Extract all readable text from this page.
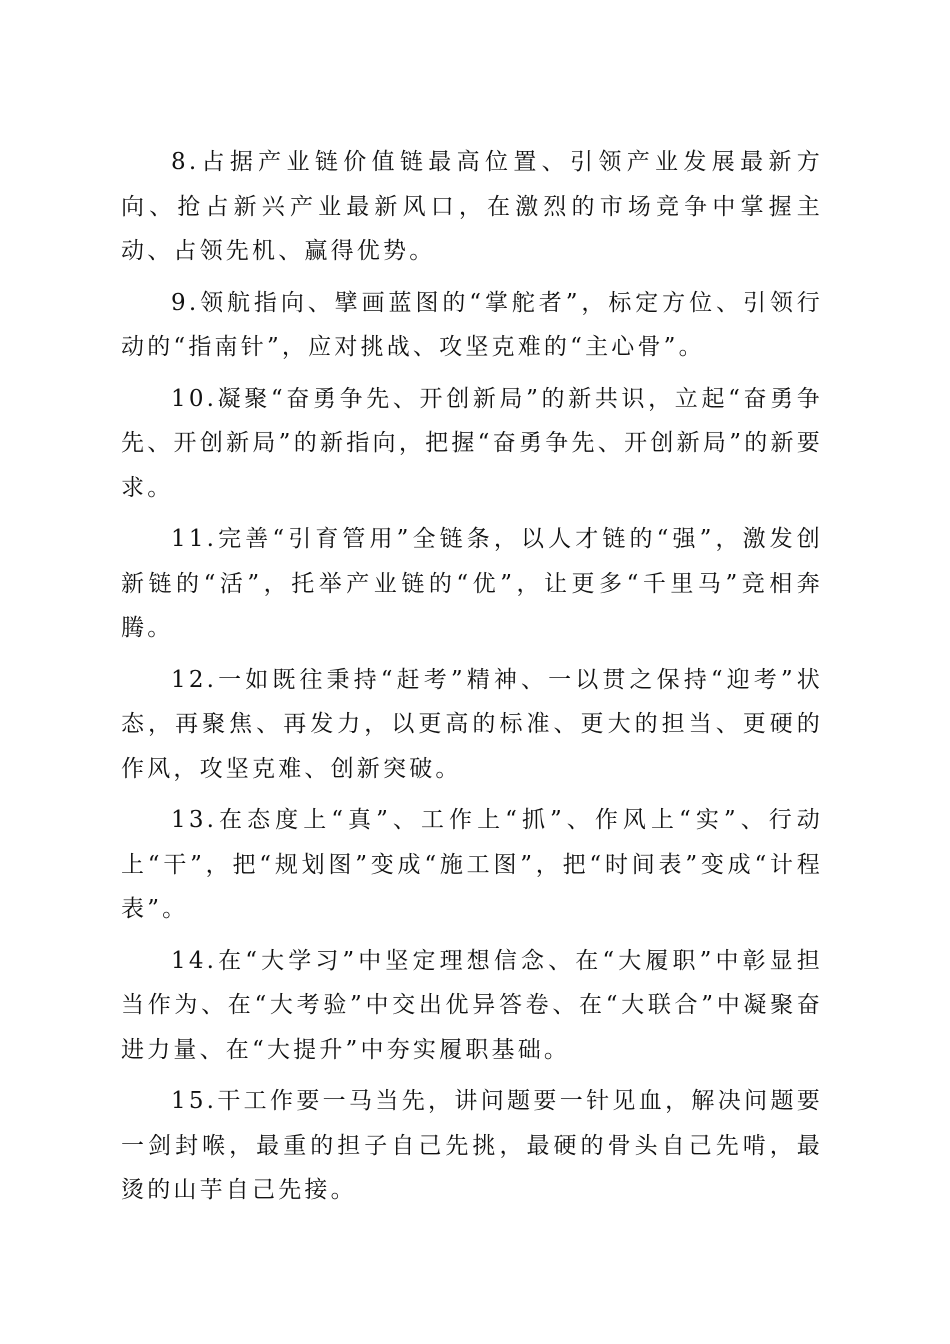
8.占据产业链价值链最高位置、引领产业发展最新方向、抢占新兴产业最新风口，在激烈的市场竞争中掌握主动、占领先机、赢得优势。

9.领航指向、擘画蓝图的“掌舵者”，标定方位、引领行动的“指南针”，应对挑战、攻坚克难的“主心骨”。

10.凝聚“奋勇争先、开创新局”的新共识，立起“奋勇争先、开创新局”的新指向，把握“奋勇争先、开创新局”的新要求。

11.完善“引育管用”全链条，以人才链的“强”，激发创新链的“活”，托举产业链的“优”，让更多“千里马”竞相奔腾。

12.一如既往秉持“赶考”精神、一以贯之保持“迎考”状态，再聚焦、再发力，以更高的标准、更大的担当、更硬的作风，攻坚克难、创新突破。

13.在态度上“真”、工作上“抓”、作风上“实”、行动上“干”，把“规划图”变成“施工图”，把“时间表”变成“计程表”。

14.在“大学习”中坚定理想信念、在“大履职”中彰显担当作为、在“大考验”中交出优异答卷、在“大联合”中凝聚奋进力量、在“大提升”中夯实履职基础。

15.干工作要一马当先，讲问题要一针见血，解决问题要一剑封喉，最重的担子自己先挑，最硬的骨头自己先啃，最烫的山芋自己先接。
